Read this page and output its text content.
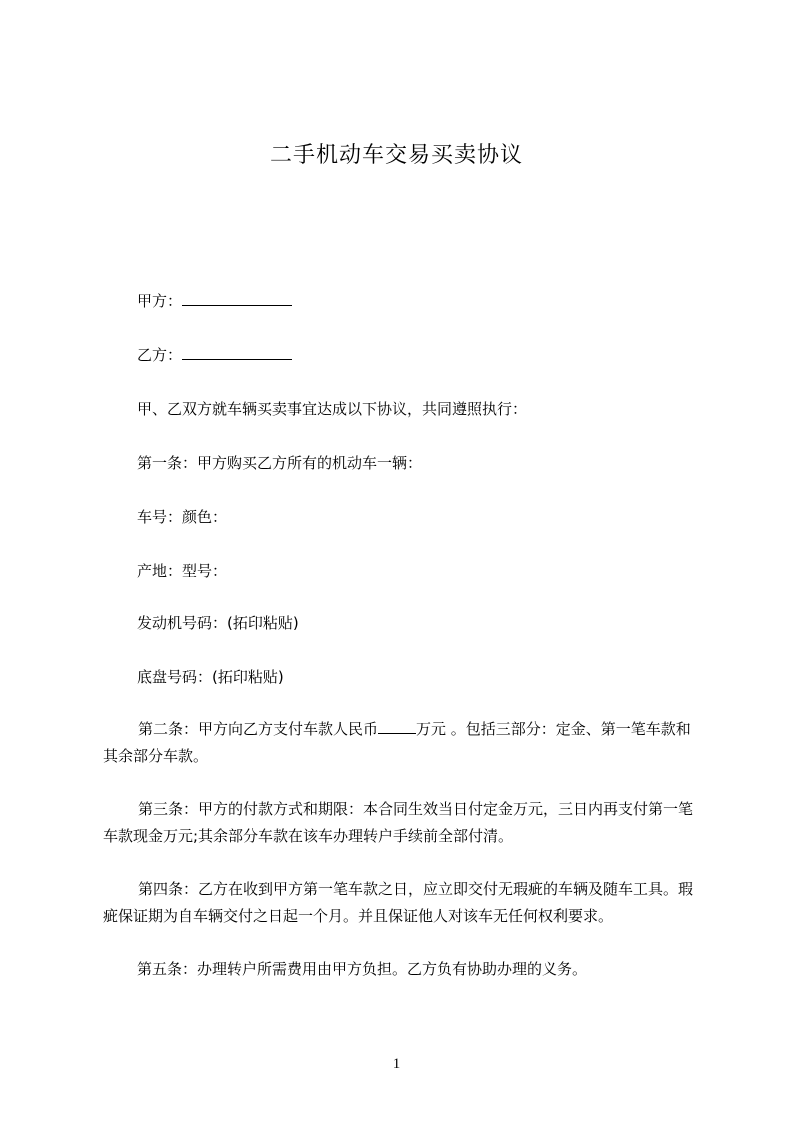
二手机动车交易买卖协议
甲方：
乙方：
甲、乙双方就车辆买卖事宜达成以下协议，共同遵照执行：
第一条：甲方购买乙方所有的机动车一辆：
车号：颜色：
产地：型号：
发动机号码：(拓印粘贴)
底盘号码：(拓印粘贴)
第二条：甲方向乙方支付车款人民币	万元 。包括三部分：定金、第一笔车款和其余部分车款。
第三条：甲方的付款方式和期限：本合同生效当日付定金万元，三日内再支付第一笔车款现金万元;其余部分车款在该车办理转户手续前全部付清。
第四条：乙方在收到甲方第一笔车款之日，应立即交付无瑕疵的车辆及随车工具。瑕疵保证期为自车辆交付之日起一个月。并且保证他人对该车无任何权利要求。
第五条：办理转户所需费用由甲方负担。乙方负有协助办理的义务。
1
